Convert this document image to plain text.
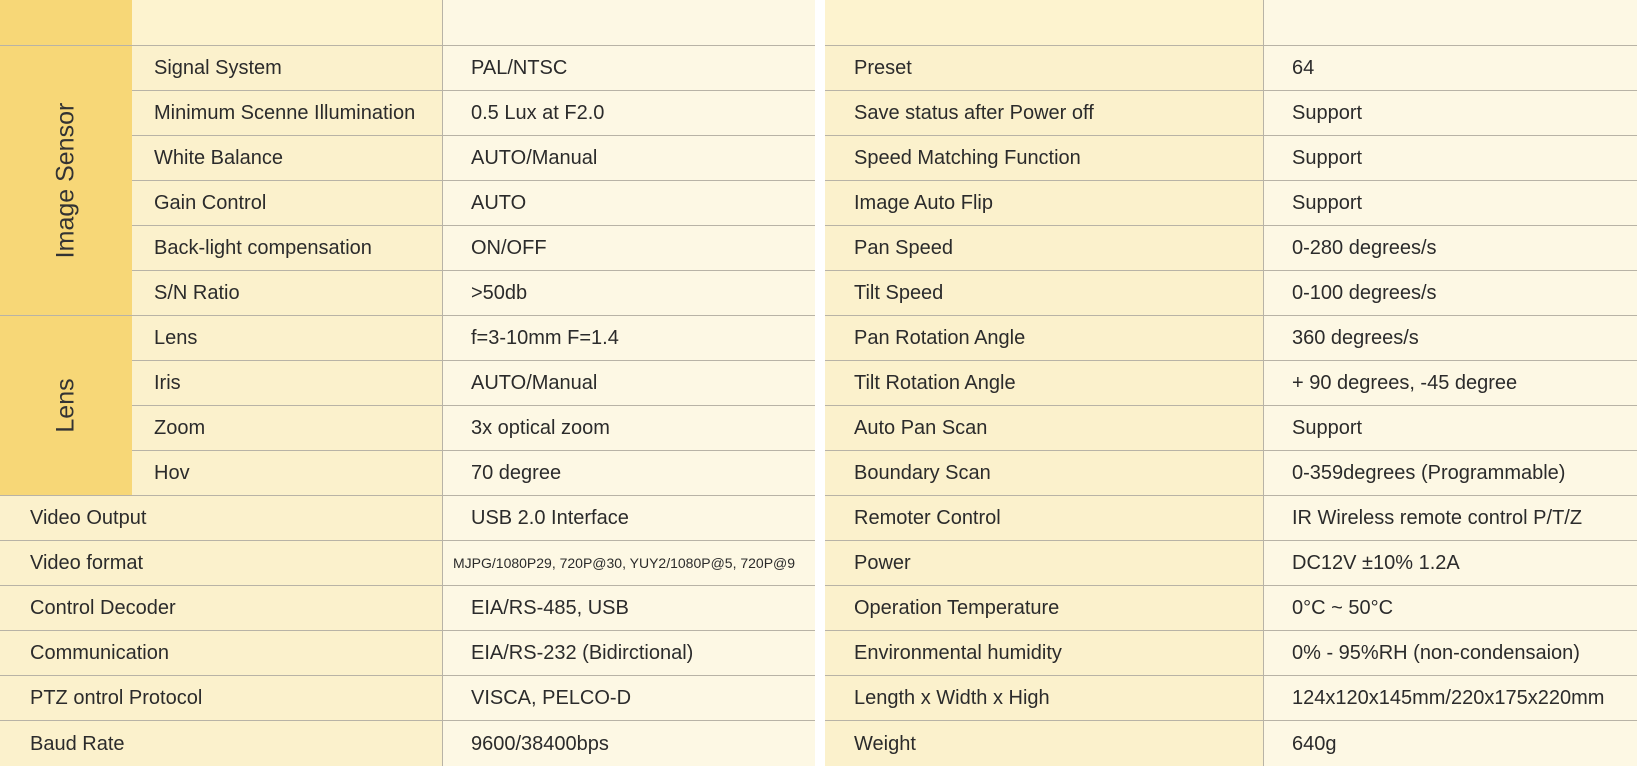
Image Sensor
Lens
Signal System	PAL/NTSC
Minimum Scenne Illumination	0.5 Lux at F2.0
White Balance	AUTO/Manual
Gain Control	AUTO
Back-light compensation	ON/OFF
S/N Ratio	>50db
Lens	f=3-10mm F=1.4
Iris	AUTO/Manual
Zoom	3x optical zoom
Hov	70 degree
Video Output	USB 2.0 Interface
Video format	MJPG/1080P29, 720P@30, YUY2/1080P@5, 720P@9
Control Decoder	EIA/RS-485, USB
Communication	EIA/RS-232 (Bidirctional)
PTZ ontrol Protocol	VISCA, PELCO-D
Baud Rate	9600/38400bps
Preset	64
Save status after Power off	Support
Speed Matching Function	Support
Image Auto Flip	Support
Pan Speed	0-280 degrees/s
Tilt Speed	0-100 degrees/s
Pan Rotation Angle	360 degrees/s
Tilt Rotation Angle	+ 90 degrees, -45 degree
Auto Pan Scan	Support
Boundary Scan	0-359degrees (Programmable)
Remoter Control	IR Wireless remote control P/T/Z
Power	DC12V ±10% 1.2A
Operation Temperature	0°C ~ 50°C
Environmental humidity	0% - 95%RH (non-condensaion)
Length x Width x High	124x120x145mm/220x175x220mm
Weight	640g
